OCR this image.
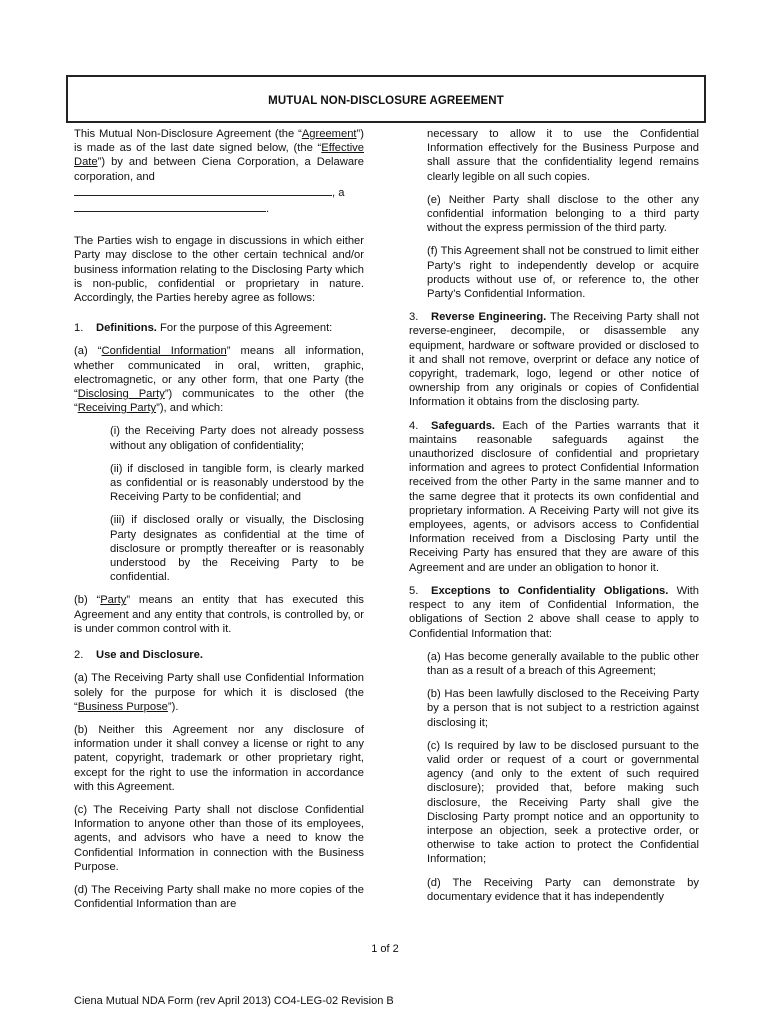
MUTUAL NON-DISCLOSURE AGREEMENT

This Mutual Non-Disclosure Agreement (the “Agreement”) is made as of the last date signed below, (the “Effective Date”) by and between Ciena Corporation, a Delaware corporation, and
, a
.

The Parties wish to engage in discussions in which either Party may disclose to the other certain technical and/or business information relating to the Disclosing Party which is non-public, confidential or proprietary in nature. Accordingly, the Parties hereby agree as follows:

1. Definitions. For the purpose of this Agreement:

(a) “Confidential Information” means all information, whether communicated in oral, written, graphic, electromagnetic, or any other form, that one Party (the “Disclosing Party”) communicates to the other (the “Receiving Party”), and which:

(i) the Receiving Party does not already possess without any obligation of confidentiality;

(ii) if disclosed in tangible form, is clearly marked as confidential or is reasonably understood by the Receiving Party to be confidential; and

(iii) if disclosed orally or visually, the Disclosing Party designates as confidential at the time of disclosure or promptly thereafter or is reasonably understood by the Receiving Party to be confidential.

(b) “Party” means an entity that has executed this Agreement and any entity that controls, is controlled by, or is under common control with it.

2. Use and Disclosure.

(a) The Receiving Party shall use Confidential Information solely for the purpose for which it is disclosed (the “Business Purpose”).

(b) Neither this Agreement nor any disclosure of information under it shall convey a license or right to any patent, copyright, trademark or other proprietary right, except for the right to use the information in accordance with this Agreement.

(c) The Receiving Party shall not disclose Confidential Information to anyone other than those of its employees, agents, and advisors who have a need to know the Confidential Information in connection with the Business Purpose.

(d) The Receiving Party shall make no more copies of the Confidential Information than are

necessary to allow it to use the Confidential Information effectively for the Business Purpose and shall assure that the confidentiality legend remains clearly legible on all such copies.

(e) Neither Party shall disclose to the other any confidential information belonging to a third party without the express permission of the third party.

(f) This Agreement shall not be construed to limit either Party’s right to independently develop or acquire products without use of, or reference to, the other Party’s Confidential Information.

3. Reverse Engineering. The Receiving Party shall not reverse-engineer, decompile, or disassemble any equipment, hardware or software provided or disclosed to it and shall not remove, overprint or deface any notice of copyright, trademark, logo, legend or other notice of ownership from any originals or copies of Confidential Information it obtains from the disclosing party.

4. Safeguards. Each of the Parties warrants that it maintains reasonable safeguards against the unauthorized disclosure of confidential and proprietary information and agrees to protect Confidential Information received from the other Party in the same manner and to the same degree that it protects its own confidential and proprietary information. A Receiving Party will not give its employees, agents, or advisors access to Confidential Information received from a Disclosing Party until the Receiving Party has ensured that they are aware of this Agreement and are under an obligation to honor it.

5. Exceptions to Confidentiality Obligations. With respect to any item of Confidential Information, the obligations of Section 2 above shall cease to apply to Confidential Information that:

(a) Has become generally available to the public other than as a result of a breach of this Agreement;

(b) Has been lawfully disclosed to the Receiving Party by a person that is not subject to a restriction against disclosing it;

(c) Is required by law to be disclosed pursuant to the valid order or request of a court or governmental agency (and only to the extent of such required disclosure); provided that, before making such disclosure, the Receiving Party shall give the Disclosing Party prompt notice and an opportunity to interpose an objection, seek a protective order, or otherwise to take action to protect the Confidential Information;

(d) The Receiving Party can demonstrate by documentary evidence that it has independently

1 of 2
Ciena Mutual NDA Form (rev April 2013) CO4-LEG-02 Revision B
